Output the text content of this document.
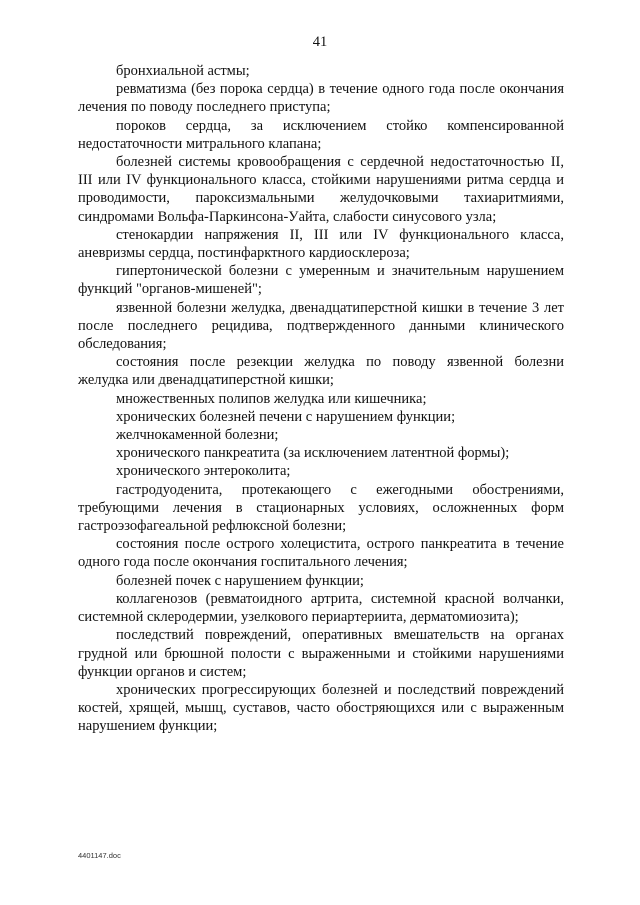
41

бронхиальной астмы;

ревматизма (без порока сердца) в течение одного года после окончания лечения по поводу последнего приступа;

пороков сердца, за исключением стойко компенсированной недостаточности митрального клапана;

болезней системы кровообращения с сердечной недостаточностью II, III или IV функционального класса, стойкими нарушениями ритма сердца и проводимости, пароксизмальными желудочковыми тахиаритмиями, синдромами Вольфа-Паркинсона-Уайта, слабости синусового узла;

стенокардии напряжения II, III или IV функционального класса, аневризмы сердца, постинфарктного кардиосклероза;

гипертонической болезни с умеренным и значительным нарушением функций "органов-мишеней";

язвенной болезни желудка, двенадцатиперстной кишки в течение 3 лет после последнего рецидива, подтвержденного данными клинического обследования;

состояния после резекции желудка по поводу язвенной болезни желудка или двенадцатиперстной кишки;

множественных полипов желудка или кишечника;

хронических болезней печени с нарушением функции;

желчнокаменной болезни;

хронического панкреатита (за исключением латентной формы);

хронического энтероколита;

гастродуоденита, протекающего с ежегодными обострениями, требующими лечения в стационарных условиях, осложненных форм гастроэзофагеальной рефлюксной болезни;

состояния после острого холецистита, острого панкреатита в течение одного года после окончания госпитального лечения;

болезней почек с нарушением функции;

коллагенозов (ревматоидного артрита, системной красной волчанки, системной склеродермии, узелкового периартериита, дерматомиозита);

последствий повреждений, оперативных вмешательств на органах грудной или брюшной полости с выраженными и стойкими нарушениями функции органов и систем;

хронических прогрессирующих болезней и последствий повреждений костей, хрящей, мышц, суставов, часто обостряющихся или с выраженным нарушением функции;

4401147.doc
